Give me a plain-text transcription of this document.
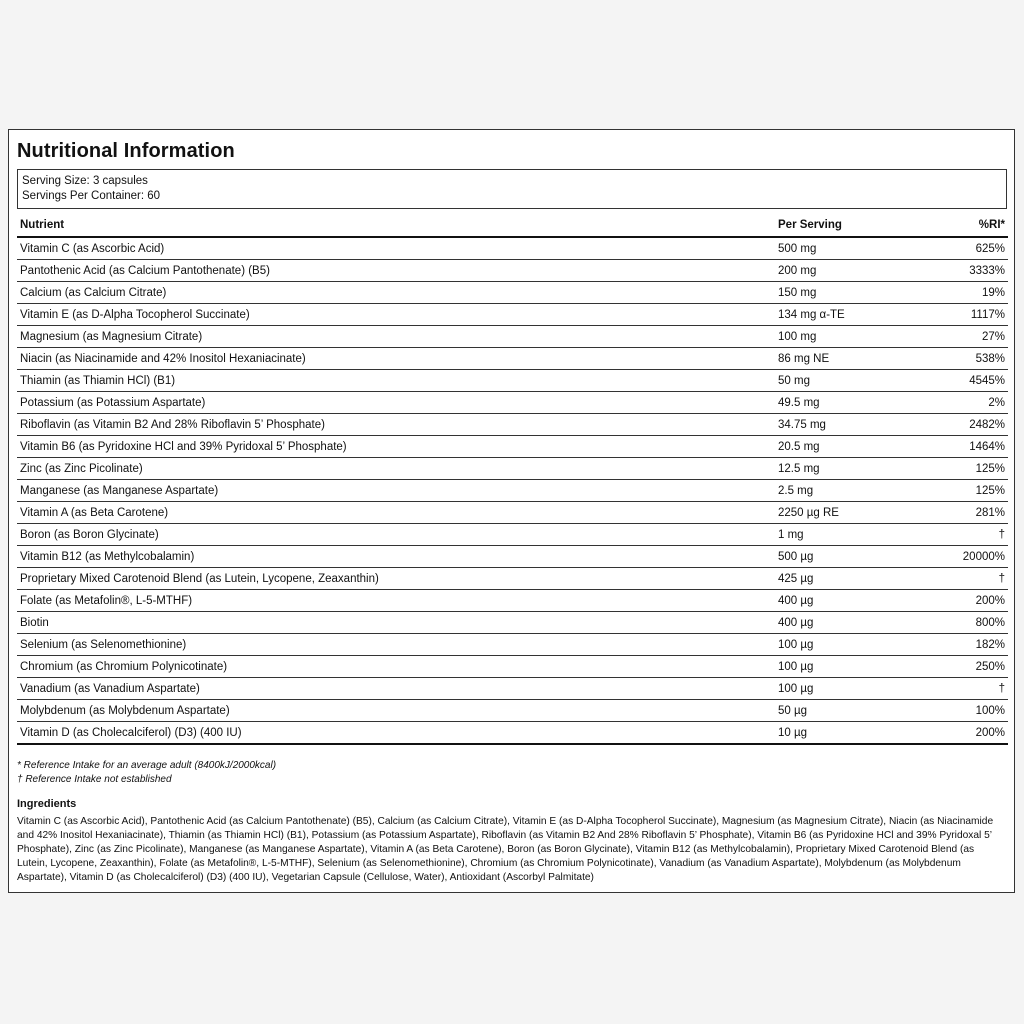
Nutritional Information
Serving Size: 3 capsules
Servings Per Container: 60
Nutrient	Per Serving	%RI*
Vitamin C (as Ascorbic Acid)	500 mg	625%
Pantothenic Acid (as Calcium Pantothenate) (B5)	200 mg	3333%
Calcium (as Calcium Citrate)	150 mg	19%
Vitamin E (as D-Alpha Tocopherol Succinate)	134 mg α-TE	1117%
Magnesium (as Magnesium Citrate)	100 mg	27%
Niacin (as Niacinamide and 42% Inositol Hexaniacinate)	86 mg NE	538%
Thiamin (as Thiamin HCl) (B1)	50 mg	4545%
Potassium (as Potassium Aspartate)	49.5 mg	2%
Riboflavin (as Vitamin B2 And 28% Riboflavin 5’ Phosphate)	34.75 mg	2482%
Vitamin B6 (as Pyridoxine HCl and 39% Pyridoxal 5’ Phosphate)	20.5 mg	1464%
Zinc (as Zinc Picolinate)	12.5 mg	125%
Manganese (as Manganese Aspartate)	2.5 mg	125%
Vitamin A (as Beta Carotene)	2250 µg RE	281%
Boron (as Boron Glycinate)	1 mg	†
Vitamin B12 (as Methylcobalamin)	500 µg	20000%
Proprietary Mixed Carotenoid Blend (as Lutein, Lycopene, Zeaxanthin)	425 µg	†
Folate (as Metafolin®, L-5-MTHF)	400 µg	200%
Biotin	400 µg	800%
Selenium (as Selenomethionine)	100 µg	182%
Chromium (as Chromium Polynicotinate)	100 µg	250%
Vanadium (as Vanadium Aspartate)	100 µg	†
Molybdenum (as Molybdenum Aspartate)	50 µg	100%
Vitamin D (as Cholecalciferol) (D3) (400 IU)	10 µg	200%
* Reference Intake for an average adult (8400kJ/2000kcal)
† Reference Intake not established
Ingredients
Vitamin C (as Ascorbic Acid), Pantothenic Acid (as Calcium Pantothenate) (B5), Calcium (as Calcium Citrate), Vitamin E (as D-Alpha Tocopherol Succinate), Magnesium (as Magnesium Citrate), Niacin (as Niacinamide and 42% Inositol Hexaniacinate), Thiamin (as Thiamin HCl) (B1), Potassium (as Potassium Aspartate), Riboflavin (as Vitamin B2 And 28% Riboflavin 5’ Phosphate), Vitamin B6 (as Pyridoxine HCl and 39% Pyridoxal 5’ Phosphate), Zinc (as Zinc Picolinate), Manganese (as Manganese Aspartate), Vitamin A (as Beta Carotene), Boron (as Boron Glycinate), Vitamin B12 (as Methylcobalamin), Proprietary Mixed Carotenoid Blend (as Lutein, Lycopene, Zeaxanthin), Folate (as Metafolin®, L-5-MTHF), Selenium (as Selenomethionine), Chromium (as Chromium Polynicotinate), Vanadium (as Vanadium Aspartate), Molybdenum (as Molybdenum Aspartate), Vitamin D (as Cholecalciferol) (D3) (400 IU), Vegetarian Capsule (Cellulose, Water), Antioxidant (Ascorbyl Palmitate)
